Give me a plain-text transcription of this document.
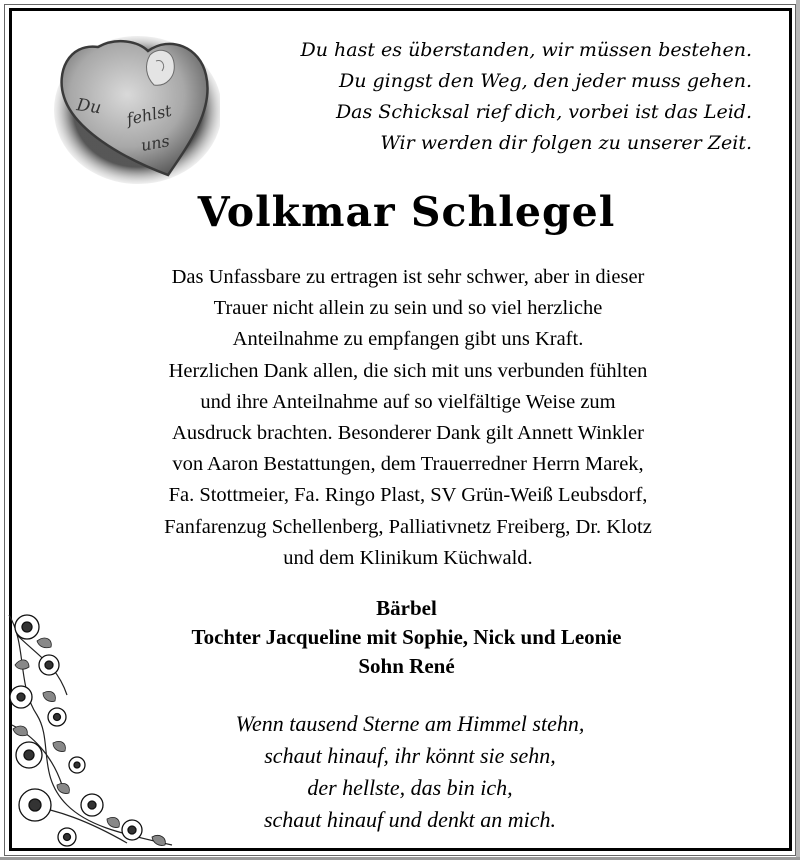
Du fehlst
uns
Du hast es überstanden, wir müssen bestehen.
Du gingst den Weg, den jeder muss gehen.
Das Schicksal rief dich, vorbei ist das Leid.
Wir werden dir folgen zu unserer Zeit.
Volkmar Schlegel
Das Unfassbare zu ertragen ist sehr schwer, aber in dieser
Trauer nicht allein zu sein und so viel herzliche
Anteilnahme zu empfangen gibt uns Kraft.
Herzlichen Dank allen, die sich mit uns verbunden fühlten
und ihre Anteilnahme auf so vielfältige Weise zum
Ausdruck brachten. Besonderer Dank gilt Annett Winkler
von Aaron Bestattungen, dem Trauerredner Herrn Marek,
Fa. Stottmeier, Fa. Ringo Plast, SV Grün-Weiß Leubsdorf,
Fanfarenzug Schellenberg, Palliativnetz Freiberg, Dr. Klotz
und dem Klinikum Küchwald.
Bärbel
Tochter Jacqueline mit Sophie, Nick und Leonie
Sohn René
Wenn tausend Sterne am Himmel stehn,
schaut hinauf, ihr könnt sie sehn,
der hellste, das bin ich,
schaut hinauf und denkt an mich.
